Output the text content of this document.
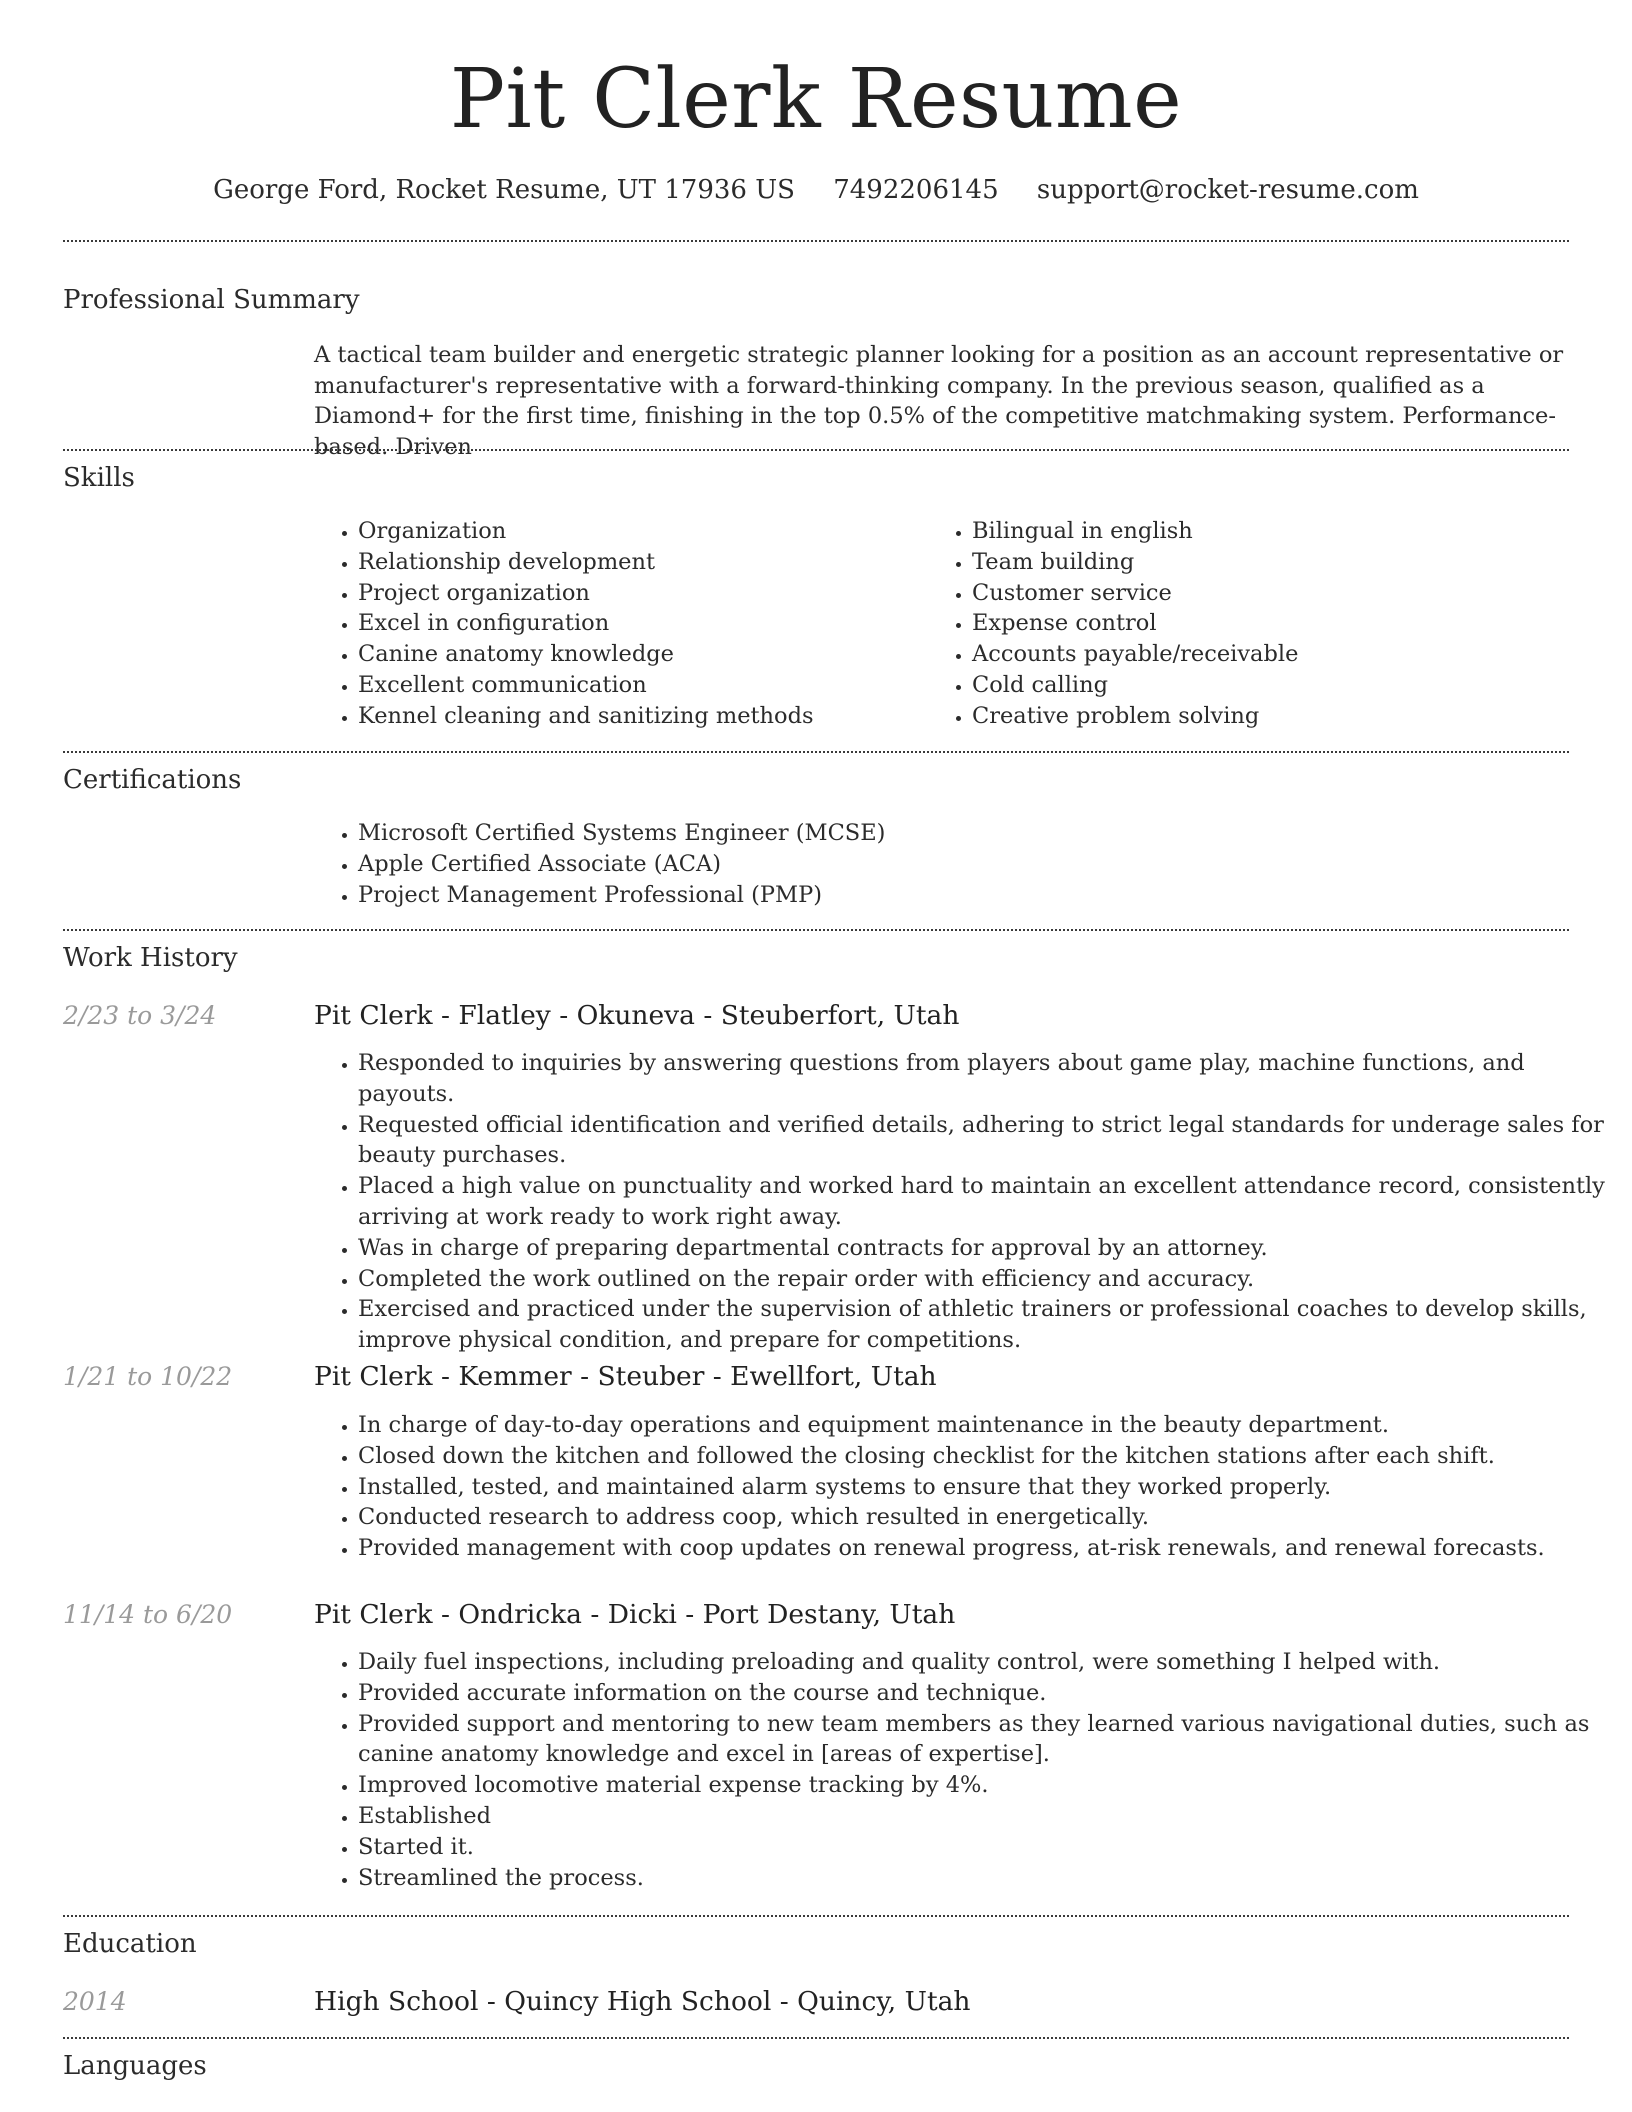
Pit Clerk Resume
George Ford, Rocket Resume, UT 17936 US 7492206145 support@rocket-resume.com
Professional Summary

A tactical team builder and energetic strategic planner looking for a position as an account representative or manufacturer's representative with a forward-thinking company. In the previous season, qualified as a Diamond+ for the first time, finishing in the top 0.5% of the competitive matchmaking system. Performance-based. Driven

Skills
• Organization
• Relationship development
• Project organization
• Excel in configuration
• Canine anatomy knowledge
• Excellent communication
• Kennel cleaning and sanitizing methods
• Bilingual in english
• Team building
• Customer service
• Expense control
• Accounts payable/receivable
• Cold calling
• Creative problem solving
Certifications
• Microsoft Certified Systems Engineer (MCSE)
• Apple Certified Associate (ACA)
• Project Management Professional (PMP)
Work History
2/23 to 3/24	Pit Clerk - Flatley - Okuneva - Steuberfort, Utah
• Responded to inquiries by answering questions from players about game play, machine functions, and payouts.
• Requested official identification and verified details, adhering to strict legal standards for underage sales for beauty purchases.
• Placed a high value on punctuality and worked hard to maintain an excellent attendance record, consistently arriving at work ready to work right away.
• Was in charge of preparing departmental contracts for approval by an attorney.
• Completed the work outlined on the repair order with efficiency and accuracy.
• Exercised and practiced under the supervision of athletic trainers or professional coaches to develop skills, improve physical condition, and prepare for competitions.
1/21 to 10/22	Pit Clerk - Kemmer - Steuber - Ewellfort, Utah
• In charge of day-to-day operations and equipment maintenance in the beauty department.
• Closed down the kitchen and followed the closing checklist for the kitchen stations after each shift.
• Installed, tested, and maintained alarm systems to ensure that they worked properly.
• Conducted research to address coop, which resulted in energetically.
• Provided management with coop updates on renewal progress, at-risk renewals, and renewal forecasts.
11/14 to 6/20	Pit Clerk - Ondricka - Dicki - Port Destany, Utah
• Daily fuel inspections, including preloading and quality control, were something I helped with.
• Provided accurate information on the course and technique.
• Provided support and mentoring to new team members as they learned various navigational duties, such as canine anatomy knowledge and excel in [areas of expertise].
• Improved locomotive material expense tracking by 4%.
• Established
• Started it.
• Streamlined the process.
Education
2014	High School - Quincy High School - Quincy, Utah
Languages
